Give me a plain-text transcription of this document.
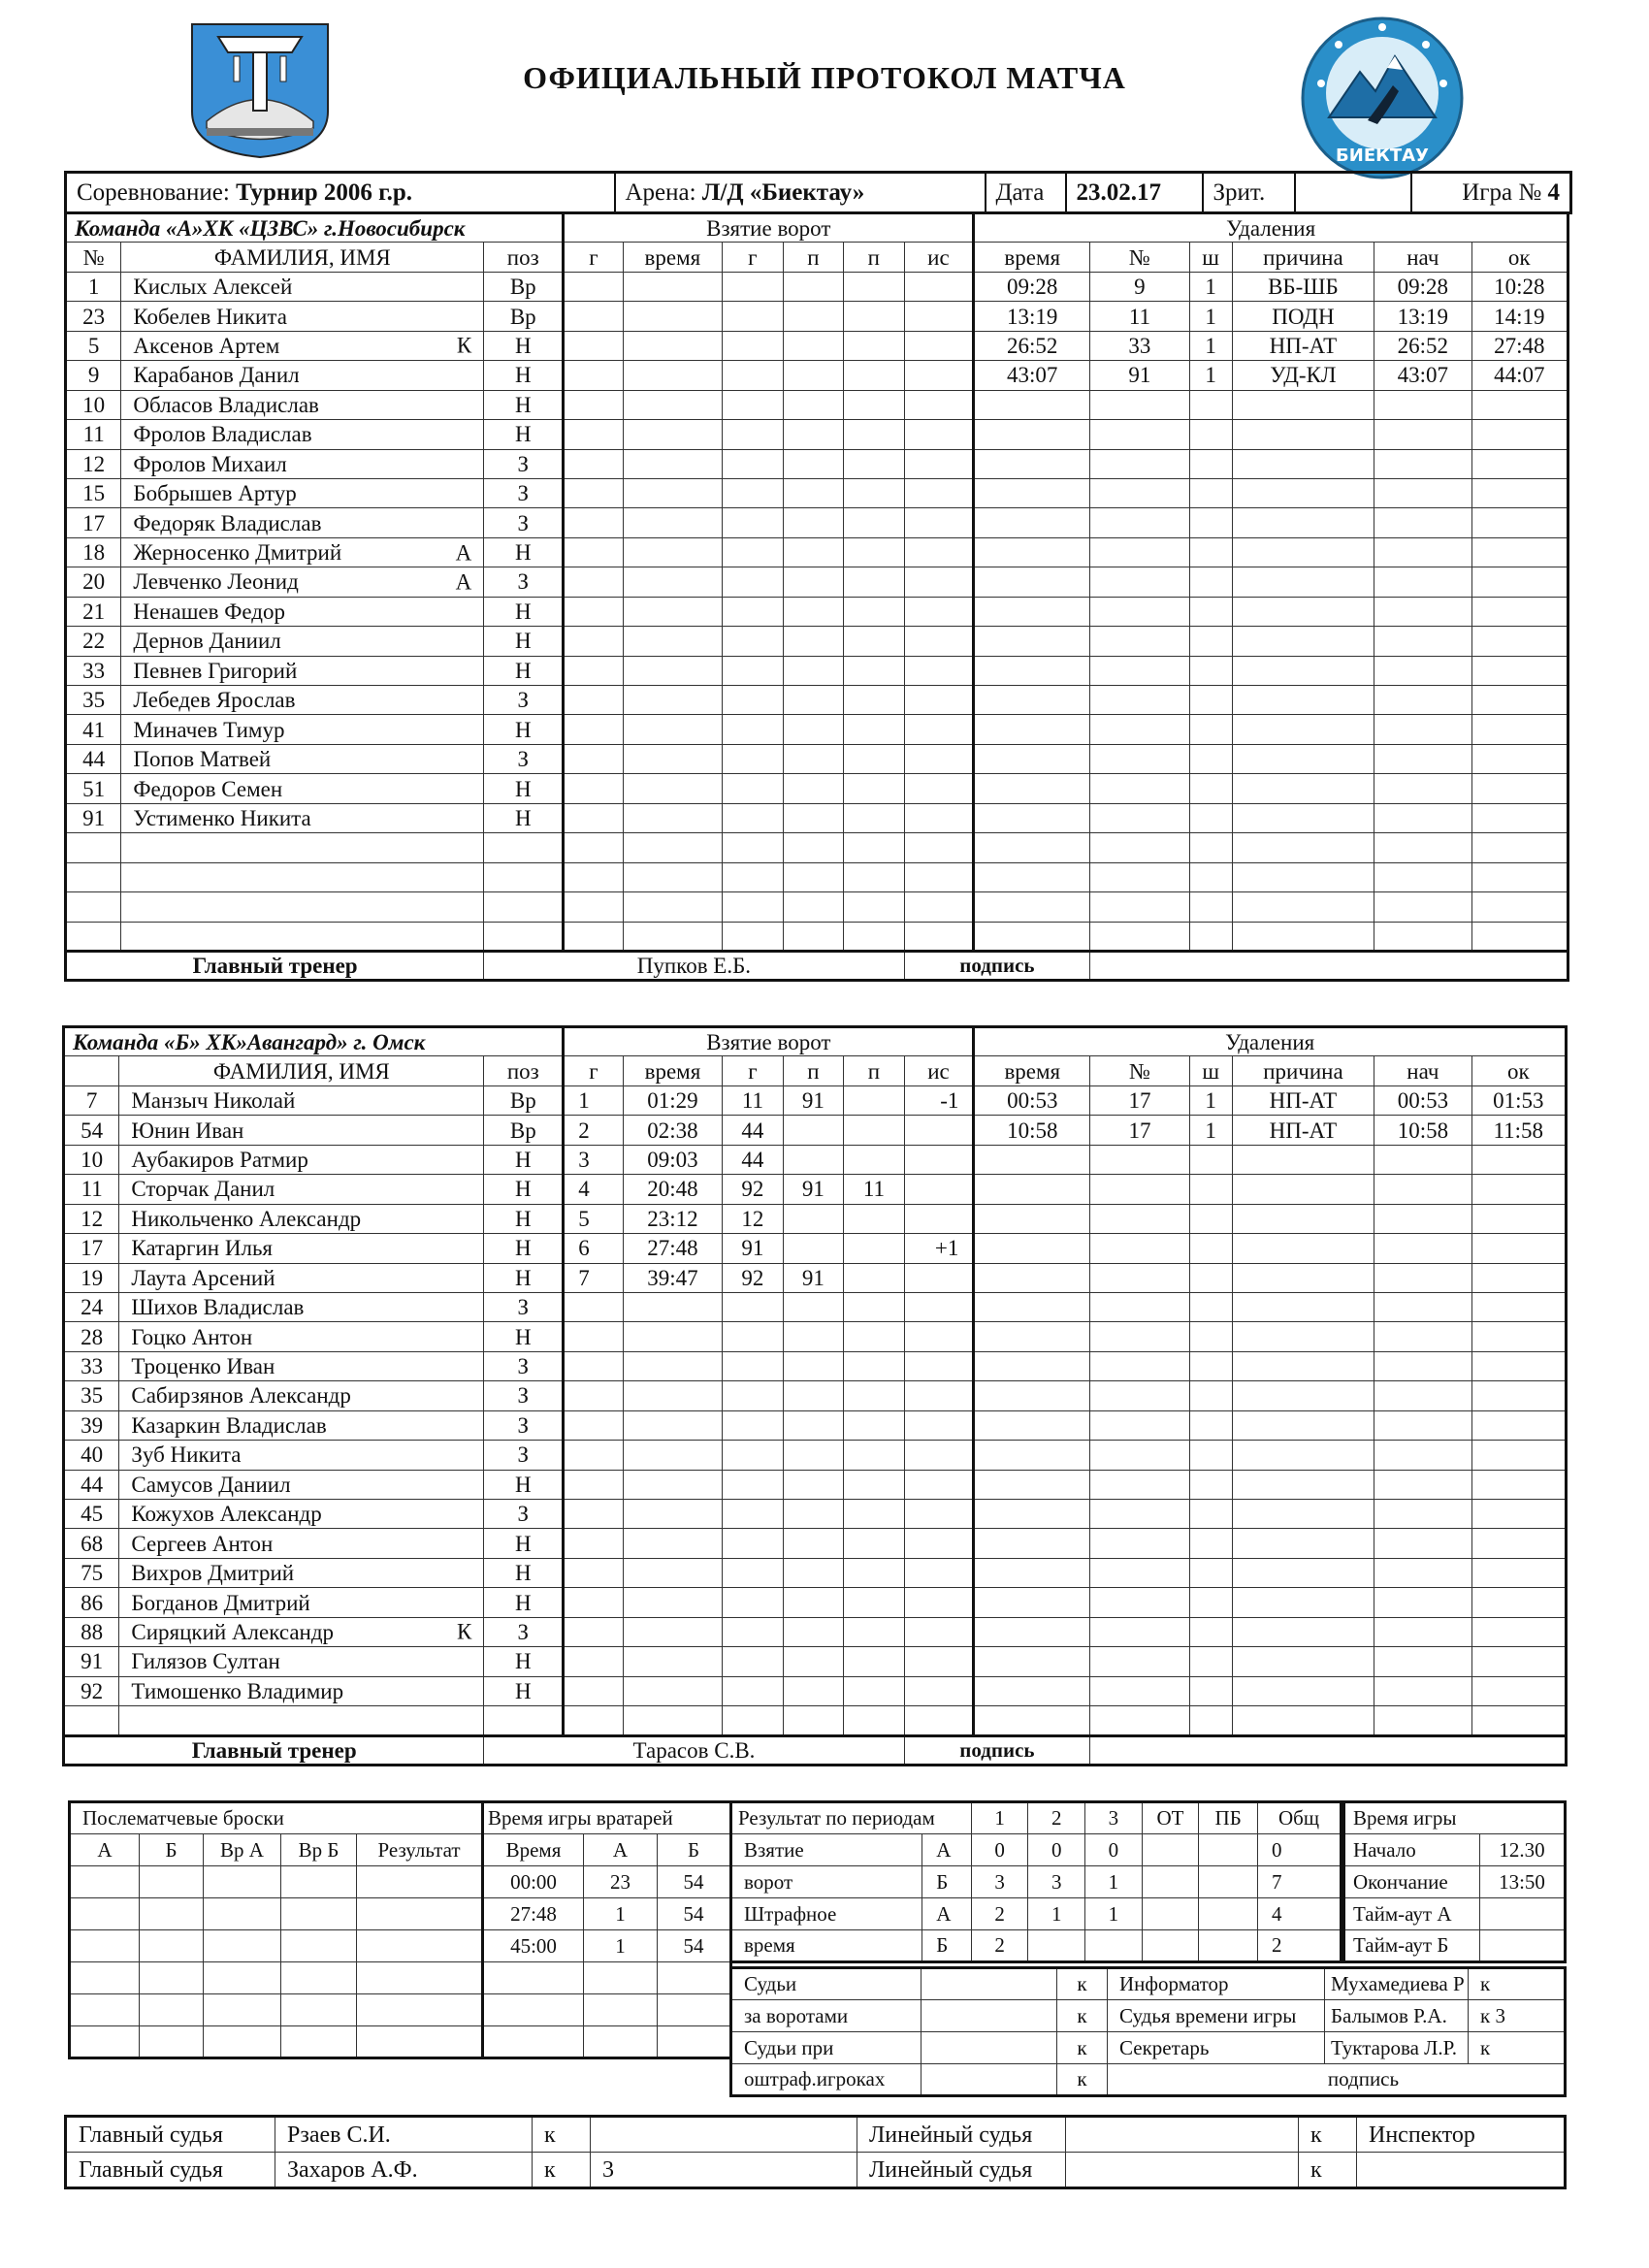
ОФИЦИАЛЬНЫЙ ПРОТОКОЛ МАТЧА
БИЕКТАУ
Соревнование: Турнир 2006 г.р.	Арена: Л/Д «Биектау»	Дата	23.02.17	Зрит.		Игра № 4
Команда «А»ХК «ЦЗВС» г.Новосибирск			Взятие ворот						Удаления					
№	ФАМИЛИЯ, ИМЯ	поз	г	время	г	п	п	ис	время	№	ш	причина	нач	ок
1	Кислых Алексей	Вр							09:28	9	1	ВБ-ШБ	09:28	10:28
23	Кобелев Никита	Вр							13:19	11	1	ПОДН	13:19	14:19
5	Аксенов Артем К	Н							26:52	33	1	НП-АТ	26:52	27:48
9	Карабанов Данил	Н							43:07	91	1	УД-КЛ	43:07	44:07
10	Обласов Владислав	Н												
11	Фролов Владислав	Н												
12	Фролов Михаил	З												
15	Бобрышев Артур	З												
17	Федоряк Владислав	З												
18	Жерносенко Дмитрий А	Н												
20	Левченко Леонид А	З												
21	Ненашев Федор	Н												
22	Дернов Даниил	Н												
33	Певнев Григорий	Н												
35	Лебедев Ярослав	З												
41	Миначев Тимур	Н												
44	Попов Матвей	З												
51	Федоров Семен	Н												
91	Устименко Никита	Н												

Главный тренер		Пупков Е.Б.						подпись						
Команда «Б» ХК»Авангард» г. Омск			Взятие ворот						Удаления					
	ФАМИЛИЯ, ИМЯ	поз	г	время	г	п	п	ис	время	№	ш	причина	нач	ок
7	Манзыч Николай	Вр	1	01:29	11	91		-1	00:53	17	1	НП-АТ	00:53	01:53
54	Юнин Иван	Вр	2	02:38	44				10:58	17	1	НП-АТ	10:58	11:58
10	Аубакиров Ратмир	Н	3	09:03	44									
11	Сторчак Данил	Н	4	20:48	92	91	11							
12	Никольченко Александр	Н	5	23:12	12									
17	Катаргин Илья	Н	6	27:48	91			+1						
19	Лаута Арсений	Н	7	39:47	92	91								
24	Шихов Владислав	З												
28	Гоцко Антон	Н												
33	Троценко Иван	З												
35	Сабирзянов Александр	З												
39	Казаркин Владислав	З												
40	Зуб Никита	З												
44	Самусов Даниил	Н												
45	Кожухов Александр	З												
68	Сергеев Антон	Н												
75	Вихров Дмитрий	Н												
86	Богданов Дмитрий	Н												
88	Сиряцкий Александр К	З												
91	Гилязов Султан	Н												
92	Тимошенко Владимир	Н												

Главный тренер		Тарасов С.В.						подпись						
Послематчевые броски				
А	Б	Вр А	Вр Б	Результат

Время игры вратарей		
Время	А	Б
00:00	23	54
27:48	1	54
45:00	1	54

Результат по периодам		1	2	3	ОТ	ПБ	Общ
Взятие	А	0	0	0			0
ворот	Б	3	3	1			7
Штрафное	А	2	1	1			4
время	Б	2					2
Время игры	
Начало	12.30
Окончание	13:50
Тайм-аут А	
Тайм-аут Б	
Судьи		к	Информатор	Мухамедиева Р	к
за воротами		к	Судья времени игры	Балымов Р.А.	к 3
Судьи при		к	Секретарь	Туктарова Л.Р.	к
оштраф.игроках		к	подпись		
Главный судья	Рзаев С.И.	к		Линейный судья		к	Инспектор
Главный судья	Захаров А.Ф.	к	3	Линейный судья		к	
